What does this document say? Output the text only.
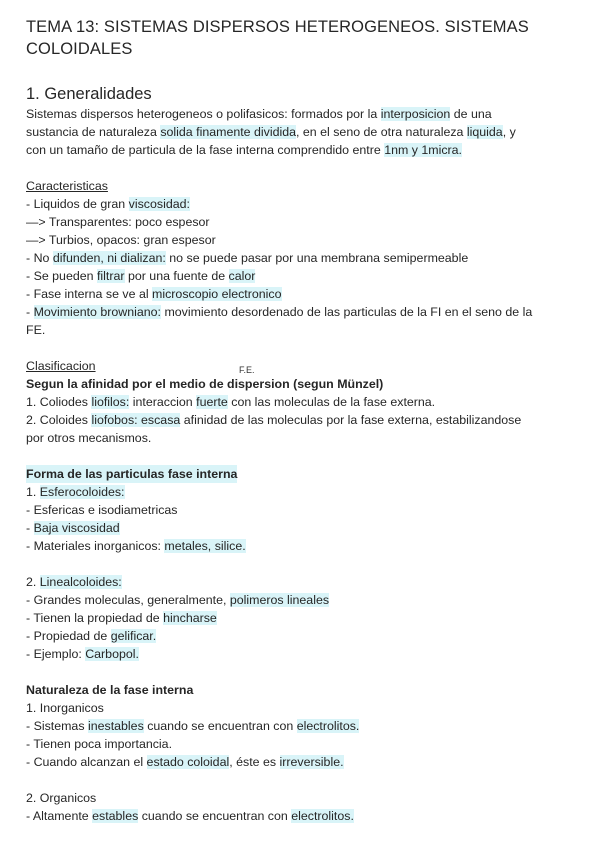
TEMA 13: SISTEMAS DISPERSOS HETEROGENEOS. SISTEMAS
COLOIDALES

1. Generalidades

Sistemas dispersos heterogeneos o polifasicos: formados por la interposicion de una
sustancia de naturaleza solida finamente dividida, en el seno de otra naturaleza liquida, y
con un tamaño de particula de la fase interna comprendido entre 1nm y 1micra.
Caracteristicas
- Liquidos de gran viscosidad:
—> Transparentes: poco espesor
—> Turbios, opacos: gran espesor
- No difunden, ni dializan: no se puede pasar por una membrana semipermeable
- Se pueden filtrar por una fuente de calor
- Fase interna se ve al microscopio electronico
- Movimiento browniano: movimiento desordenado de las particulas de la FI en el seno de la
FE.
Clasificacion
Segun la afinidad por el medio de dispersion (segun Münzel)
1. Coliodes liofilos: interaccion fuerte con las moleculas de la fase externa.
2. Coloides liofobos: escasa afinidad de las moleculas por la fase externa, estabilizandose
por otros mecanismos.
Forma de las particulas fase interna
1. Esferocoloides:
- Esfericas e isodiametricas
- Baja viscosidad
- Materiales inorganicos: metales, silice.
2. Linealcoloides:
- Grandes moleculas, generalmente, polimeros lineales
- Tienen la propiedad de hincharse
- Propiedad de gelificar.
- Ejemplo: Carbopol.
Naturaleza de la fase interna
1. Inorganicos
- Sistemas inestables cuando se encuentran con electrolitos.
- Tienen poca importancia.
- Cuando alcanzan el estado coloidal, éste es irreversible.
2. Organicos
- Altamente estables cuando se encuentran con electrolitos.
F.E.
